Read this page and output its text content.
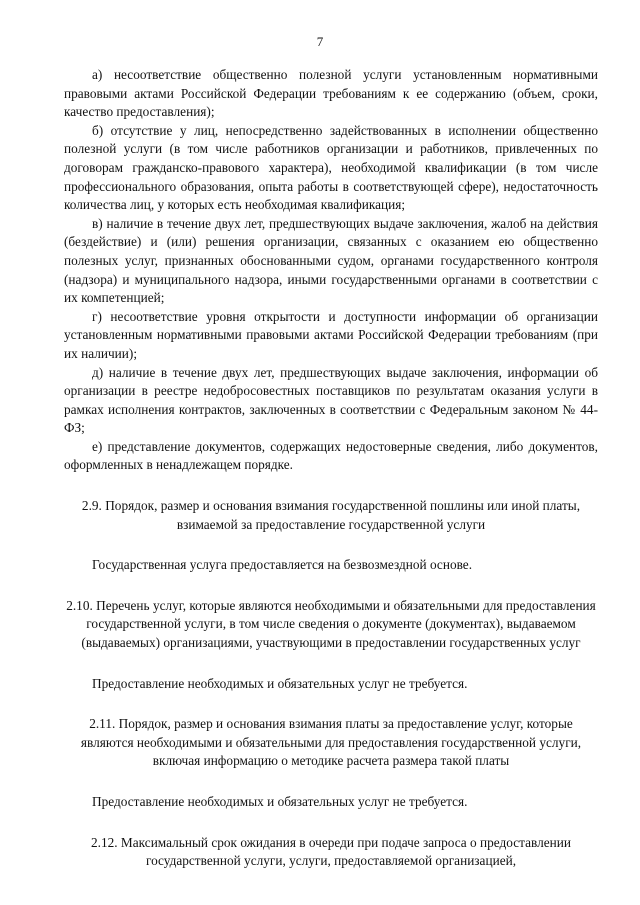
7

а) несоответствие общественно полезной услуги установленным нормативными правовыми актами Российской Федерации требованиям к ее содержанию (объем, сроки, качество предоставления);

б) отсутствие у лиц, непосредственно задействованных в исполнении общественно полезной услуги (в том числе работников организации и работников, привлеченных по договорам гражданско-правового характера), необходимой квалификации (в том числе профессионального образования, опыта работы в соответствующей сфере), недостаточность количества лиц, у которых есть необходимая квалификация;

в) наличие в течение двух лет, предшествующих выдаче заключения, жалоб на действия (бездействие) и (или) решения организации, связанных с оказанием ею общественно полезных услуг, признанных обоснованными судом, органами государственного контроля (надзора) и муниципального надзора, иными государственными органами в соответствии с их компетенцией;

г) несоответствие уровня открытости и доступности информации об организации установленным нормативными правовыми актами Российской Федерации требованиям (при их наличии);

д) наличие в течение двух лет, предшествующих выдаче заключения, информации об организации в реестре недобросовестных поставщиков по результатам оказания услуги в рамках исполнения контрактов, заключенных в соответствии с Федеральным законом № 44-ФЗ;

е) представление документов, содержащих недостоверные сведения, либо документов, оформленных в ненадлежащем порядке.

2.9. Порядок, размер и основания взимания государственной пошлины или иной платы, взимаемой за предоставление государственной услуги

Государственная услуга предоставляется на безвозмездной основе.

2.10. Перечень услуг, которые являются необходимыми и обязательными для предоставления государственной услуги, в том числе сведения о документе (документах), выдаваемом (выдаваемых) организациями, участвующими в предоставлении государственных услуг

Предоставление необходимых и обязательных услуг не требуется.

2.11. Порядок, размер и основания взимания платы за предоставление услуг, которые являются необходимыми и обязательными для предоставления государственной услуги, включая информацию о методике расчета размера такой платы

Предоставление необходимых и обязательных услуг не требуется.

2.12. Максимальный срок ожидания в очереди при подаче запроса о предоставлении государственной услуги, услуги, предоставляемой организацией,
